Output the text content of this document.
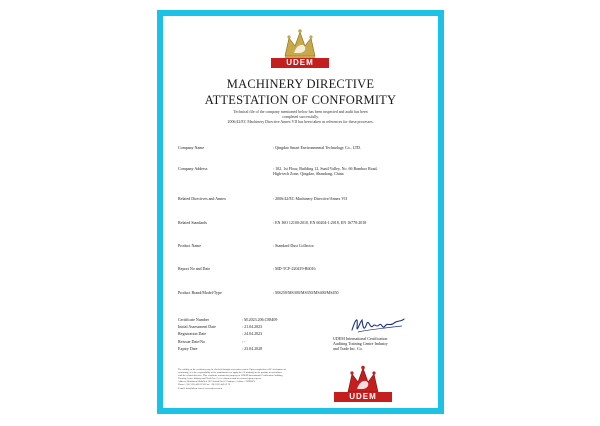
UDEM
MACHINERY DIRECTIVE
ATTESTATION OF CONFORMITY
Technical file of the company mentioned below has been inspected and audit has been
completed successfully.
2006/42/EC Machinery Directive Annex VII has been taken as references for these processes.
Company Name	: Qingdao Smart Environmental Technology Co., LTD.
Company Address	: 102, 1st Floor, Building 12, Sunil Valley, No. 66 Bamboo Road,
High-tech Zone, Qingdao, Shandong, China
Related Directives and Annex	: 2006/42/EC Machinery Directive/Annex VII
Related Standards	: EN ISO 12100:2010, EN 60204-1:2018, EN 16770:2018
Product Name	: Standard Dust Collector
Report No and Date	: MD-TCF-220419-R6016
Product Brand/Model/Type	: MS250/MS300/MS350/MS400/MS450
Certificate Number	: M.2023.206.C88409
Initial Assessment Date	: 21.04.2023
Registration Date	: 24.04.2023
Reissue Date/No	: -
Expiry Date	: 23.04.2028
UDEM International Certification
Auditing Training Centre Industry
and Trade Inc. Co.
The validity of the certificate may be checked through www.udem.com.tr. Upon completion of EC declaration of
conformity, it is the responsibility of the manufacturer to apply the CE marking on the product in accordance
with the related directive. This certificate remains the property of UDEM International Certification Auditing
Training Centre Industry and Trade Inc. Co. to whom it must be returned upon request.
Address: Mutlukent Mahallesi 2073 Sokak No:10 Cankaya - Ankara - TURKEY
Phone: +90 (312) 443 03 90 Fax: +90 (312) 443 03 76
E-mail: info@udem.com.tr www.udem.com.tr
UDEM
